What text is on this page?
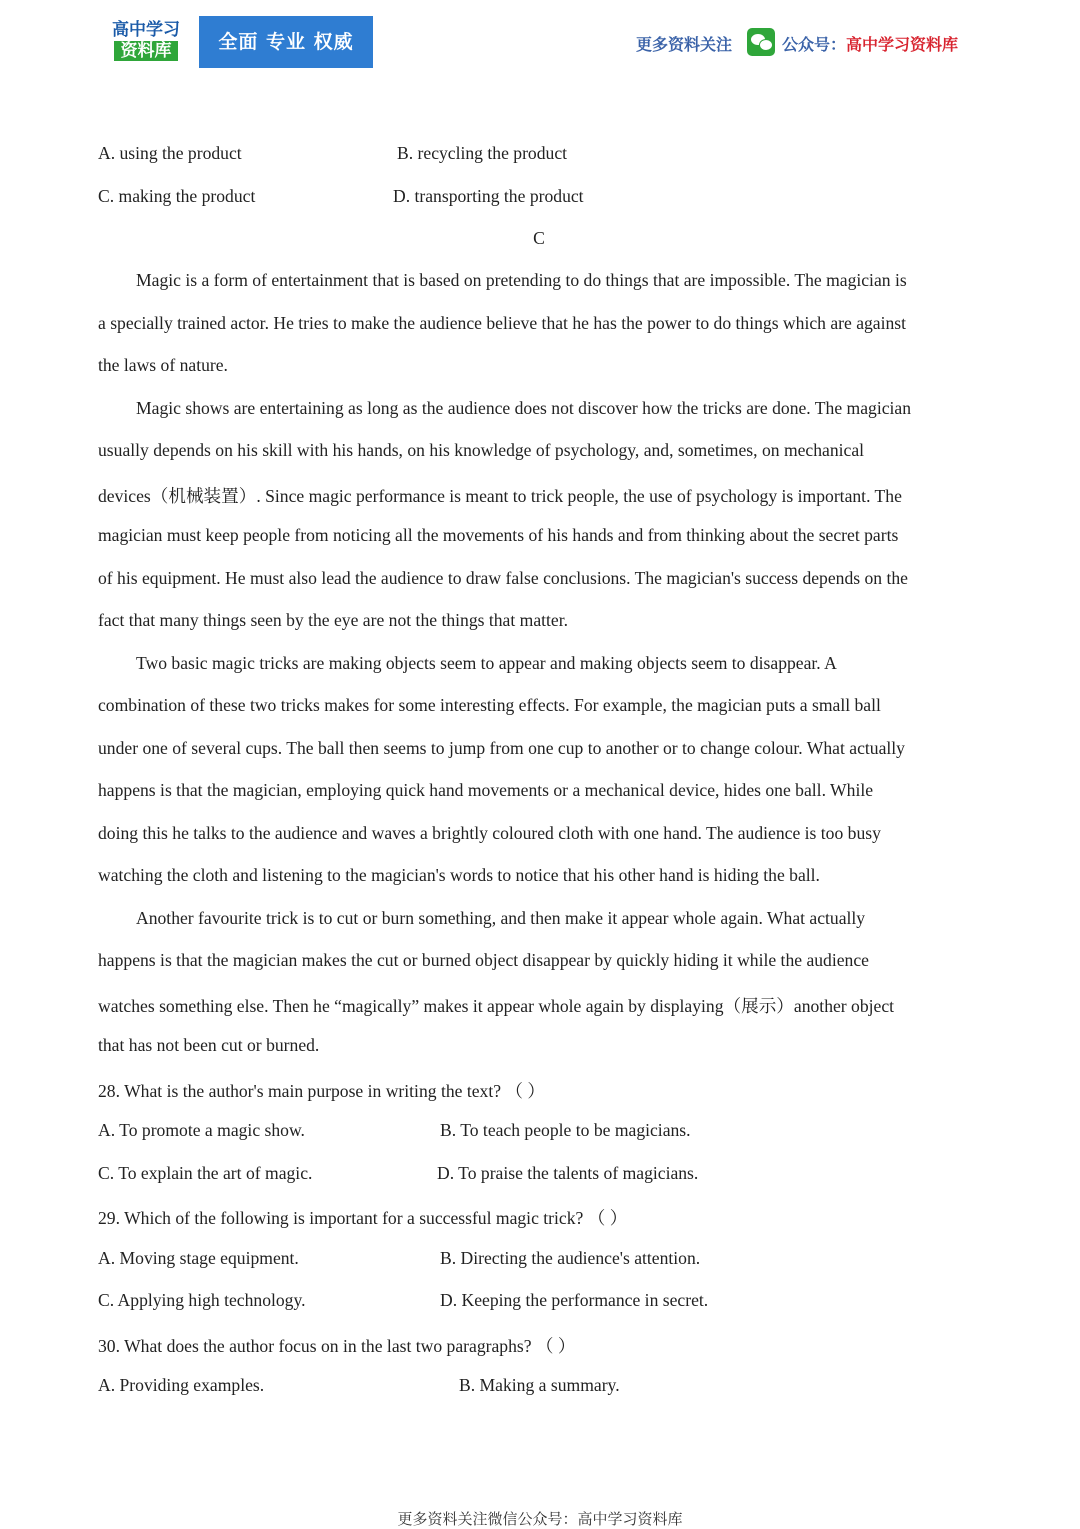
高中学习
资料库	全面 专业 权威	更多资料关注	公众号：高中学习资料库
A. using the product	B. recycling the product
C. making the product	D. transporting the product
C
Magic is a form of entertainment that is based on pretending to do things that are impossible. The magician is
a specially trained actor. He tries to make the audience believe that he has the power to do things which are against
the laws of nature.
Magic shows are entertaining as long as the audience does not discover how the tricks are done. The magician
usually depends on his skill with his hands, on his knowledge of psychology, and, sometimes, on mechanical
devices（机械装置）. Since magic performance is meant to trick people, the use of psychology is important. The
magician must keep people from noticing all the movements of his hands and from thinking about the secret parts
of his equipment. He must also lead the audience to draw false conclusions. The magician's success depends on the
fact that many things seen by the eye are not the things that matter.
Two basic magic tricks are making objects seem to appear and making objects seem to disappear. A
combination of these two tricks makes for some interesting effects. For example, the magician puts a small ball
under one of several cups. The ball then seems to jump from one cup to another or to change colour. What actually
happens is that the magician, employing quick hand movements or a mechanical device, hides one ball. While
doing this he talks to the audience and waves a brightly coloured cloth with one hand. The audience is too busy
watching the cloth and listening to the magician's words to notice that his other hand is hiding the ball.
Another favourite trick is to cut or burn something, and then make it appear whole again. What actually
happens is that the magician makes the cut or burned object disappear by quickly hiding it while the audience
watches something else. Then he “magically” makes it appear whole again by displaying（展示）another object
that has not been cut or burned.
28. What is the author's main purpose in writing the text? （ ）
A. To promote a magic show.	B. To teach people to be magicians.
C. To explain the art of magic.	D. To praise the talents of magicians.
29. Which of the following is important for a successful magic trick? （ ）
A. Moving stage equipment.	B. Directing the audience's attention.
C. Applying high technology.	D. Keeping the performance in secret.
30. What does the author focus on in the last two paragraphs? （ ）
A. Providing examples.	B. Making a summary.
更多资料关注微信公众号：高中学习资料库
